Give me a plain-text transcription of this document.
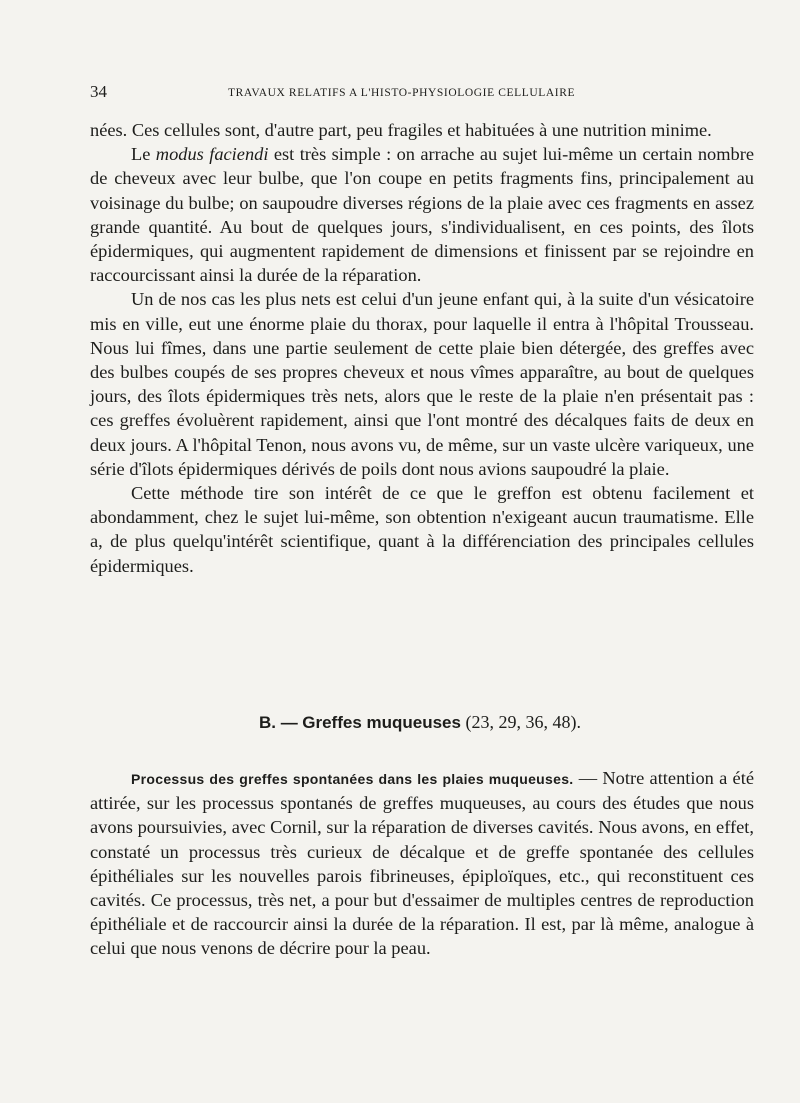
34	TRAVAUX RELATIFS A L'HISTO-PHYSIOLOGIE CELLULAIRE

nées. Ces cellules sont, d'autre part, peu fragiles et habituées à une nutrition minime.

Le modus faciendi est très simple : on arrache au sujet lui-même un certain nombre de cheveux avec leur bulbe, que l'on coupe en petits fragments fins, principalement au voisinage du bulbe; on saupoudre diverses régions de la plaie avec ces fragments en assez grande quantité. Au bout de quelques jours, s'individualisent, en ces points, des îlots épidermiques, qui augmentent rapidement de dimensions et finissent par se rejoindre en raccourcissant ainsi la durée de la réparation.

Un de nos cas les plus nets est celui d'un jeune enfant qui, à la suite d'un vésicatoire mis en ville, eut une énorme plaie du thorax, pour laquelle il entra à l'hôpital Trousseau. Nous lui fîmes, dans une partie seulement de cette plaie bien détergée, des greffes avec des bulbes coupés de ses propres cheveux et nous vîmes apparaître, au bout de quelques jours, des îlots épidermiques très nets, alors que le reste de la plaie n'en présentait pas : ces greffes évoluèrent rapidement, ainsi que l'ont montré des décalques faits de deux en deux jours. A l'hôpital Tenon, nous avons vu, de même, sur un vaste ulcère variqueux, une série d'îlots épidermiques dérivés de poils dont nous avions saupoudré la plaie.

Cette méthode tire son intérêt de ce que le greffon est obtenu facilement et abondamment, chez le sujet lui-même, son obtention n'exigeant aucun traumatisme. Elle a, de plus quelqu'intérêt scientifique, quant à la différenciation des principales cellules épidermiques.

B. — Greffes muqueuses (23, 29, 36, 48).

Processus des greffes spontanées dans les plaies muqueuses. — Notre attention a été attirée, sur les processus spontanés de greffes muqueuses, au cours des études que nous avons poursuivies, avec Cornil, sur la réparation de diverses cavités. Nous avons, en effet, constaté un processus très curieux de décalque et de greffe spontanée des cellules épithéliales sur les nouvelles parois fibrineuses, épiploïques, etc., qui reconstituent ces cavités. Ce processus, très net, a pour but d'essaimer de multiples centres de reproduction épithéliale et de raccourcir ainsi la durée de la réparation. Il est, par là même, analogue à celui que nous venons de décrire pour la peau.
